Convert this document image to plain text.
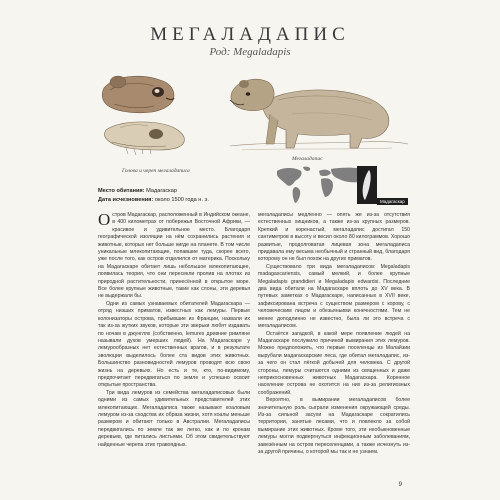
МЕГАЛАДАПИС
Род: Megaladapis
Голова и череп мегаладаписа
Мегаладапис
Место обитания: Мадагаскар
Дата исчезновения: около 1500 года н. э.	Мадагаскар

Остров Мадагаскар, расположенный в Индийском океане, в 400 километрах от побережья Восточной Африки, — красивое и удивительное место. Благодаря географической изоляции на нём сохранились растения и животные, которых нет больше нигде на планете. В том числе уникальные млекопитающие, попавшие туда, скорее всего, уже после того, как остров отделился от материка. Поскольку на Мадагаскаре обитает лишь небольшое млекопитающее, появилась теория, что они пересекли пролив на плотах из природной растительности, принесённой в открытое море. Все более крупные животные, такие как слоны, эти деревья не выдержали бы.

Одни из самых узнаваемых обитателей Мадагаскара — отряд низших приматов, известных как лемуры. Первые колонизаторы острова, прибывшие из Франции, назвали их так из-за жутких звуков, которые эти зверьки любят издавать по ночам в джунглях (собственно, lemures древние римляне называли духов умерших людей). На Мадагаскаре у лемурообразных нет естественных врагов, и в результате эволюции выделилось более ста видов этих животных. Большинство разновидностей лемуров проводят всю свою жизнь на деревьях. Но есть и те, кто, по-видимому, предпочитает передвигаться по земле и успешно освоит открытые пространства.

Три вида лемуров из семейства мегаладаписовых были одними из самых удивительных представителей этих млекопитающих. Мегаладаписа также называют коаловым лемуром из-за сходства их образа жизни, хотя коалы меньше размером и обитают только в Австралии. Мегаладаписы передвигались по земле так же легко, как и по кронам деревьев, где питались листьями. Об этом свидетельствуют найденные черепа этих травоядных.

мегаладаписы медленно — опять же из-за отсутствия естественных хищников, а также из-за крупных размеров. Крепкий и коренастый, мегаладапис достигал 150 сантиметров в высоту и весил около 80 килограммов. Хорошо развитые, продолговатая лицевая зона мегаладаписа придавала ему весьма необычный и странный вид, благодаря которому он не был похож на других приматов.

Существовало три вида мегаладаписов: Megaladapis madagascariensis, самый мелкий, и более крупные Megaladapis grandidieri и Megaladapis edwardsi. Последние два вида обитали на Мадагаскаре вплоть до XV века. В путевых заметках о Мадагаскаре, написанных в XVII веке, зафиксирована встреча с существом размером с корову, с человеческим лицом и обезьяньими конечностями. Тем не менее доподлинно не известно, была ли это встреча с мегаладаписом.

Остаётся загадкой, в какой мере появление людей на Мадагаскаре послужило причиной вымирания этих лемуров. Можно предположить, что первые поселенцы из Малайзии вырубали мадагаскарские леса, где обитал мегаладапис, из-за чего он стал лёгкой добычей для человека. С другой стороны, лемуры считаются одними из священных и даже неприкосновенных животных Мадагаскара. Коренное население острова не охотится на них из-за религиозных соображений.

Вероятно, в вымирании мегаладаписов более значительную роль сыграли изменения окружающей среды. Из-за сильной засухи на Мадагаскаре сократились территории, занятые лесами, что и повлекло за собой вымирание этих животных. Кроме того, эти необыкновенные лемуры могли подвергнуться инфекционным заболеваниям, завезённым на остров переселенцами, а также исчезнуть из-за другой причины, о которой мы так и не узнаем.

9
